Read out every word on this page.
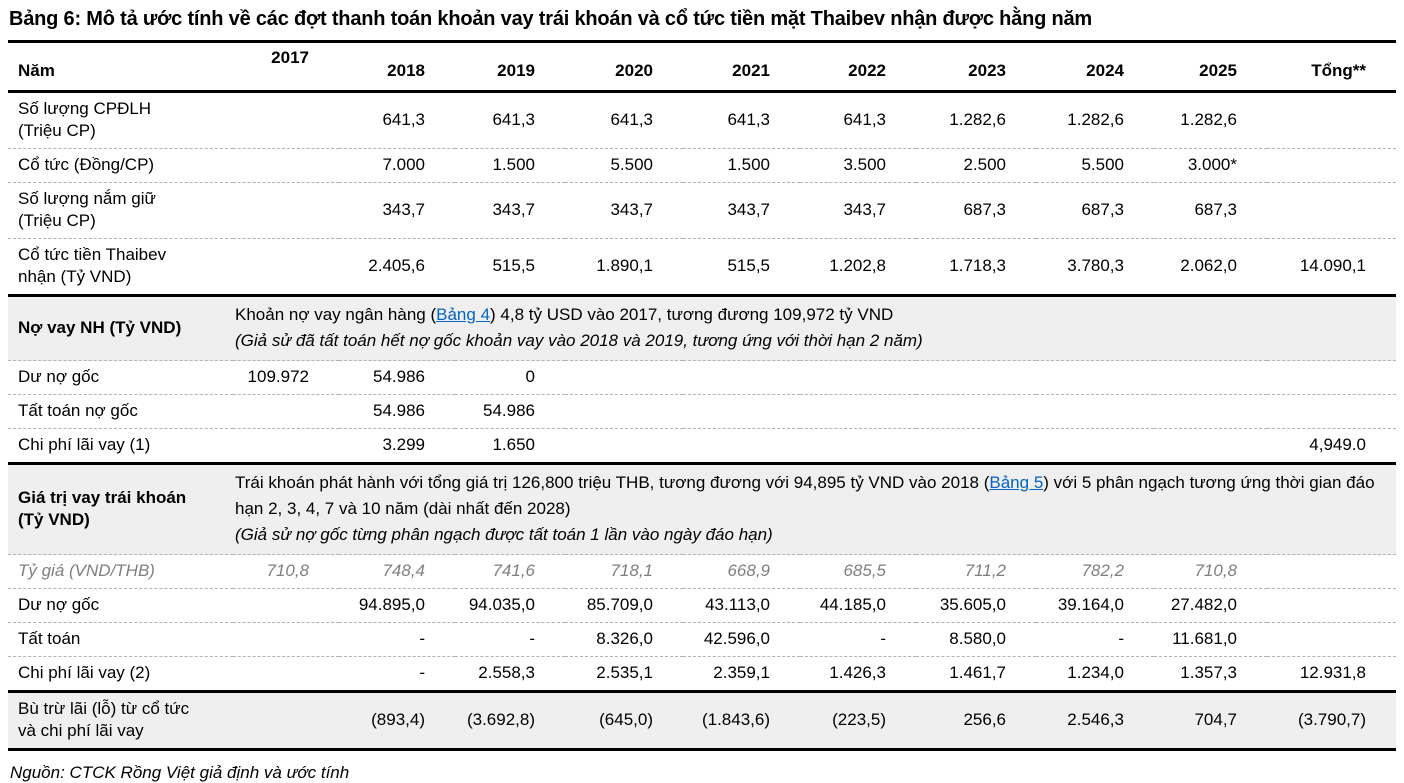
Bảng 6: Mô tả ước tính về các đợt thanh toán khoản vay trái khoán và cổ tức tiền mặt Thaibev nhận được hằng năm
Năm	2017	2018	2019	2020	2021	2022	2023	2024	2025	Tổng**

Số lượng CPĐLH
(Triệu CP)		641,3	641,3	641,3	641,3	641,3	1.282,6	1.282,6	1.282,6	

Cổ tức (Đồng/CP)		7.000	1.500	5.500	1.500	3.500	2.500	5.500	3.000*	

Số lượng nắm giữ
(Triệu CP)		343,7	343,7	343,7	343,7	343,7	687,3	687,3	687,3	

Cổ tức tiền Thaibev
nhận (Tỷ VND)		2.405,6	515,5	1.890,1	515,5	1.202,8	1.718,3	3.780,3	2.062,0	14.090,1

Nợ vay NH (Tỷ VND)	Khoản nợ vay ngân hàng (Bảng 4) 4,8 tỷ USD vào 2017, tương đương 109,972 tỷ VND
(Giả sử đã tất toán hết nợ gốc khoản vay vào 2018 và 2019, tương ứng với thời hạn 2 năm)									

Dư nợ gốc	109.972	54.986	0							

Tất toán nợ gốc		54.986	54.986							

Chi phí lãi vay (1)		3.299	1.650							4,949.0

Giá trị vay trái khoán
(Tỷ VND)

Trái khoán phát hành với tổng giá trị 126,800 triệu THB, tương đương với 94,895 tỷ VND vào 2018 (Bảng 5) với 5 phân ngạch tương ứng thời gian đáo hạn 2, 3, 4, 7 và 10 năm (dài nhất đến 2028)
(Giả sử nợ gốc từng phân ngạch được tất toán 1 lần vào ngày đáo hạn)

Tỷ giá (VND/THB)	710,8	748,4	741,6	718,1	668,9	685,5	711,2	782,2	710,8	

Dư nợ gốc		94.895,0	94.035,0	85.709,0	43.113,0	44.185,0	35.605,0	39.164,0	27.482,0	

Tất toán		-	-	8.326,0	42.596,0	-	8.580,0	-	11.681,0	

Chi phí lãi vay (2)		-	2.558,3	2.535,1	2.359,1	1.426,3	1.461,7	1.234,0	1.357,3	12.931,8

Bù trừ lãi (lỗ) từ cổ tức
và chi phí lãi vay		(893,4)	(3.692,8)	(645,0)	(1.843,6)	(223,5)	256,6	2.546,3	704,7	(3.790,7)
Nguồn: CTCK Rồng Việt giả định và ước tính
